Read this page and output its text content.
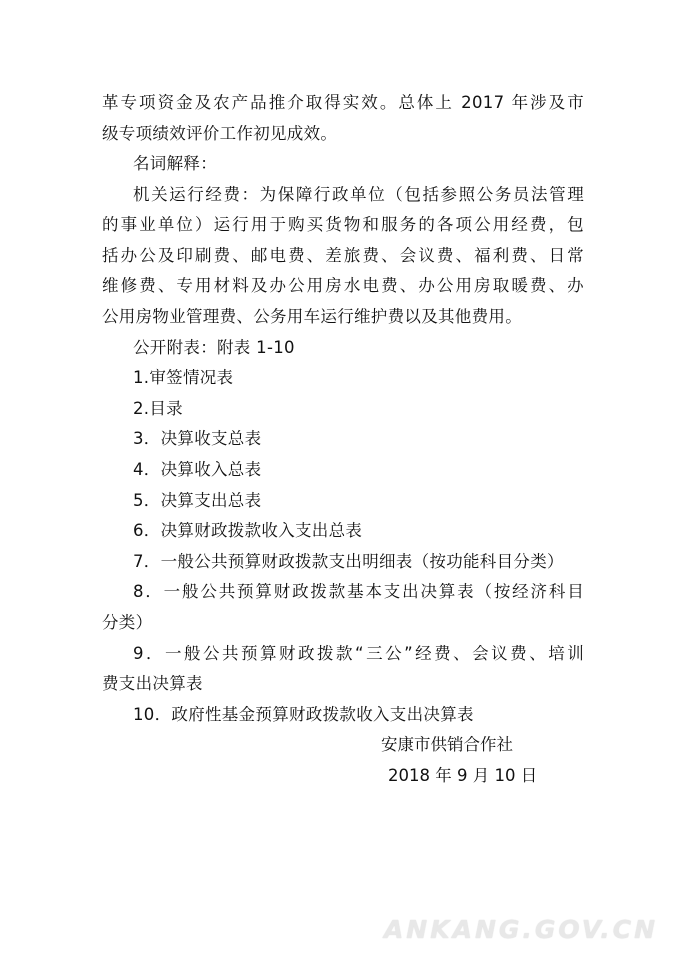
革专项资金及农产品推介取得实效。总体上 2017 年涉及市
级专项绩效评价工作初见成效。
名词解释：
机关运行经费：为保障行政单位（包括参照公务员法管理
的事业单位）运行用于购买货物和服务的各项公用经费，包
括办公及印刷费、邮电费、差旅费、会议费、福利费、日常
维修费、专用材料及办公用房水电费、办公用房取暖费、办
公用房物业管理费、公务用车运行维护费以及其他费用。
公开附表：附表 1-10
1.审签情况表
2.目录
3．决算收支总表
4．决算收入总表
5．决算支出总表
6．决算财政拨款收入支出总表
7．一般公共预算财政拨款支出明细表（按功能科目分类）
8．一般公共预算财政拨款基本支出决算表（按经济科目
分类）
9．一般公共预算财政拨款“三公”经费、会议费、培训
费支出决算表
10．政府性基金预算财政拨款收入支出决算表
安康市供销合作社
2018 年 9 月 10 日
ANKANG.GOV.CN
